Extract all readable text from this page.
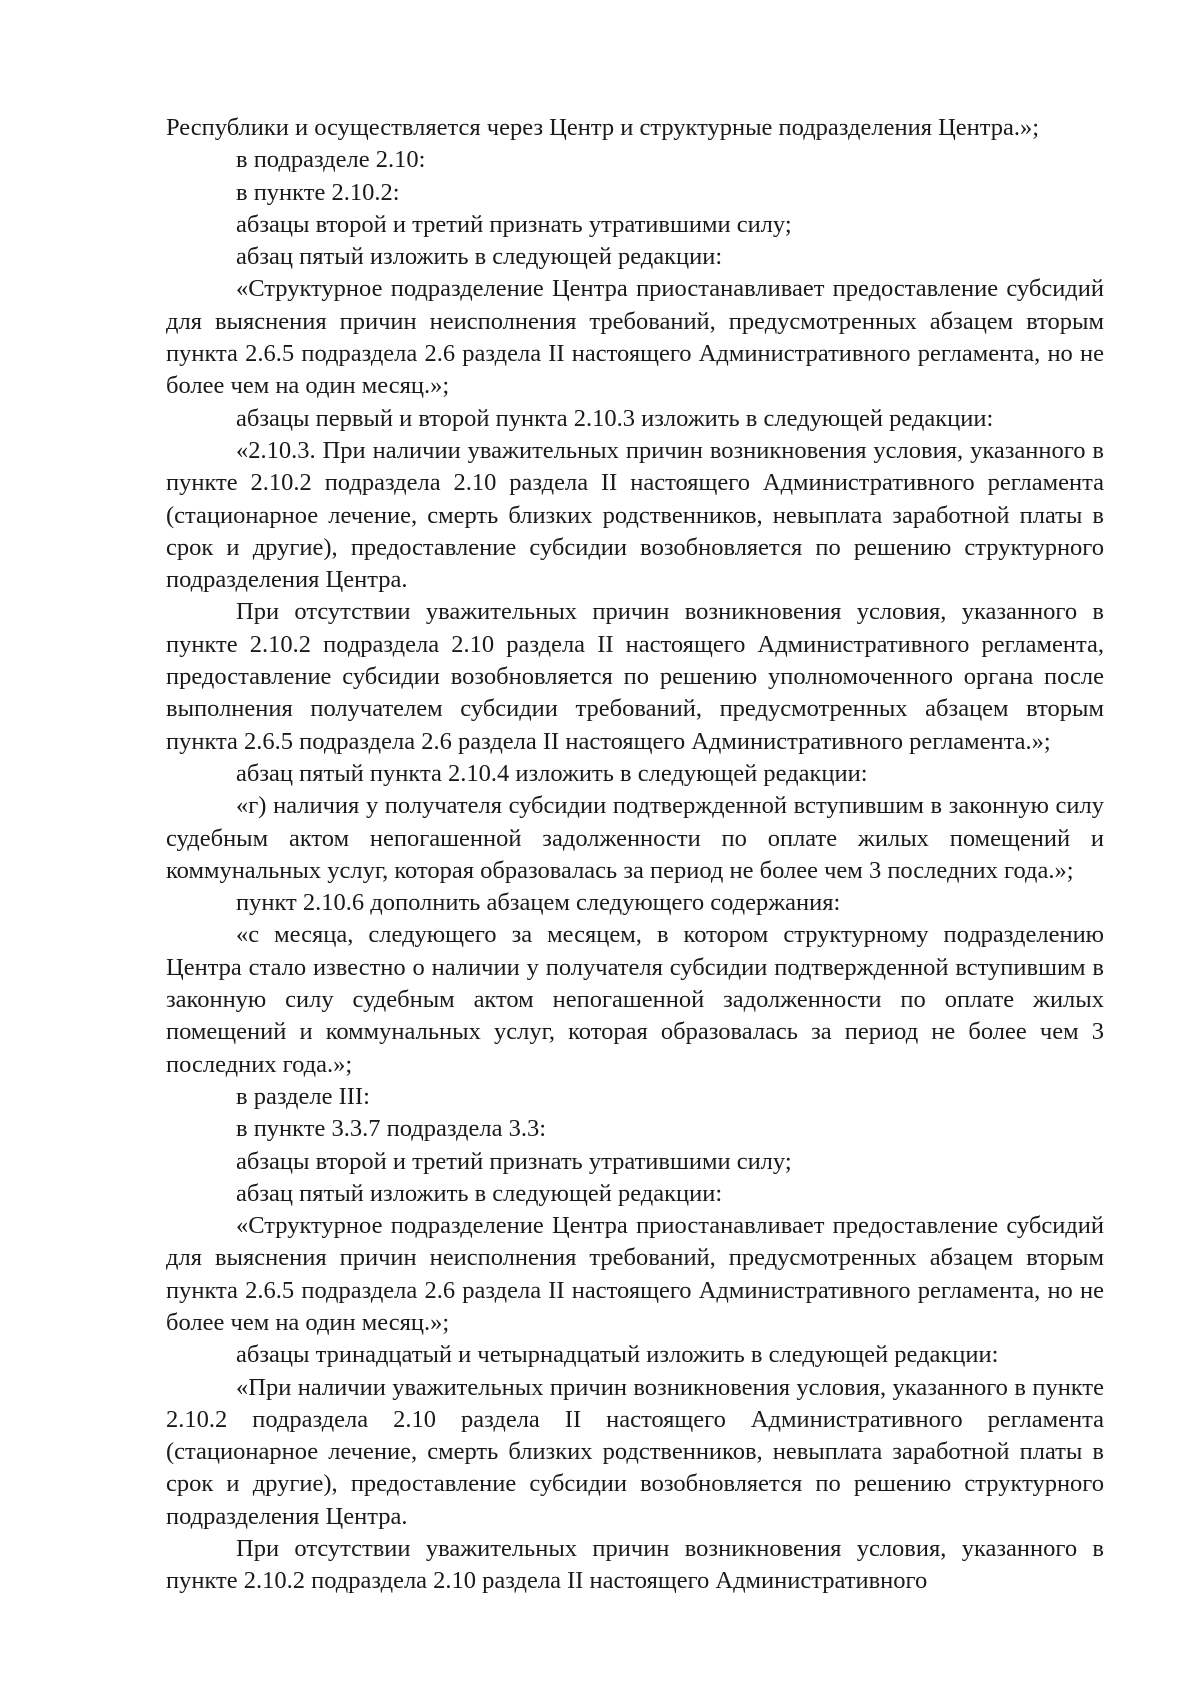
Республики и осуществляется через Центр и структурные подразделения Центра.»;

в подразделе 2.10:

в пункте 2.10.2:

абзацы второй и третий признать утратившими силу;

абзац пятый изложить в следующей редакции:

«Структурное подразделение Центра приостанавливает предоставление субсидий для выяснения причин неисполнения требований, предусмотренных абзацем вторым пункта 2.6.5 подраздела 2.6 раздела II настоящего Административного регламента, но не более чем на один месяц.»;

абзацы первый и второй пункта 2.10.3 изложить в следующей редакции:

«2.10.3. При наличии уважительных причин возникновения условия, указанного в пункте 2.10.2 подраздела 2.10 раздела II настоящего Административного регламента (стационарное лечение, смерть близких родственников, невыплата заработной платы в срок и другие), предоставление субсидии возобновляется по решению структурного подразделения Центра.

При отсутствии уважительных причин возникновения условия, указанного в пункте 2.10.2 подраздела 2.10 раздела II настоящего Административного регламента, предоставление субсидии возобновляется по решению уполномоченного органа после выполнения получателем субсидии требований, предусмотренных абзацем вторым пункта 2.6.5 подраздела 2.6 раздела II настоящего Административного регламента.»;

абзац пятый пункта 2.10.4 изложить в следующей редакции:

«г) наличия у получателя субсидии подтвержденной вступившим в законную силу судебным актом непогашенной задолженности по оплате жилых помещений и коммунальных услуг, которая образовалась за период не более чем 3 последних года.»;

пункт 2.10.6 дополнить абзацем следующего содержания:

«с месяца, следующего за месяцем, в котором структурному подразделению Центра стало известно о наличии у получателя субсидии подтвержденной вступившим в законную силу судебным актом непогашенной задолженности по оплате жилых помещений и коммунальных услуг, которая образовалась за период не более чем 3 последних года.»;

в разделе III:

в пункте 3.3.7 подраздела 3.3:

абзацы второй и третий признать утратившими силу;

абзац пятый изложить в следующей редакции:

«Структурное подразделение Центра приостанавливает предоставление субсидий для выяснения причин неисполнения требований, предусмотренных абзацем вторым пункта 2.6.5 подраздела 2.6 раздела II настоящего Административного регламента, но не более чем на один месяц.»;

абзацы тринадцатый и четырнадцатый изложить в следующей редакции:

«При наличии уважительных причин возникновения условия, указанного в пункте 2.10.2 подраздела 2.10 раздела II настоящего Административного регламента (стационарное лечение, смерть близких родственников, невыплата заработной платы в срок и другие), предоставление субсидии возобновляется по решению структурного подразделения Центра.

При отсутствии уважительных причин возникновения условия, указанного в пункте 2.10.2 подраздела 2.10 раздела II настоящего Административного
